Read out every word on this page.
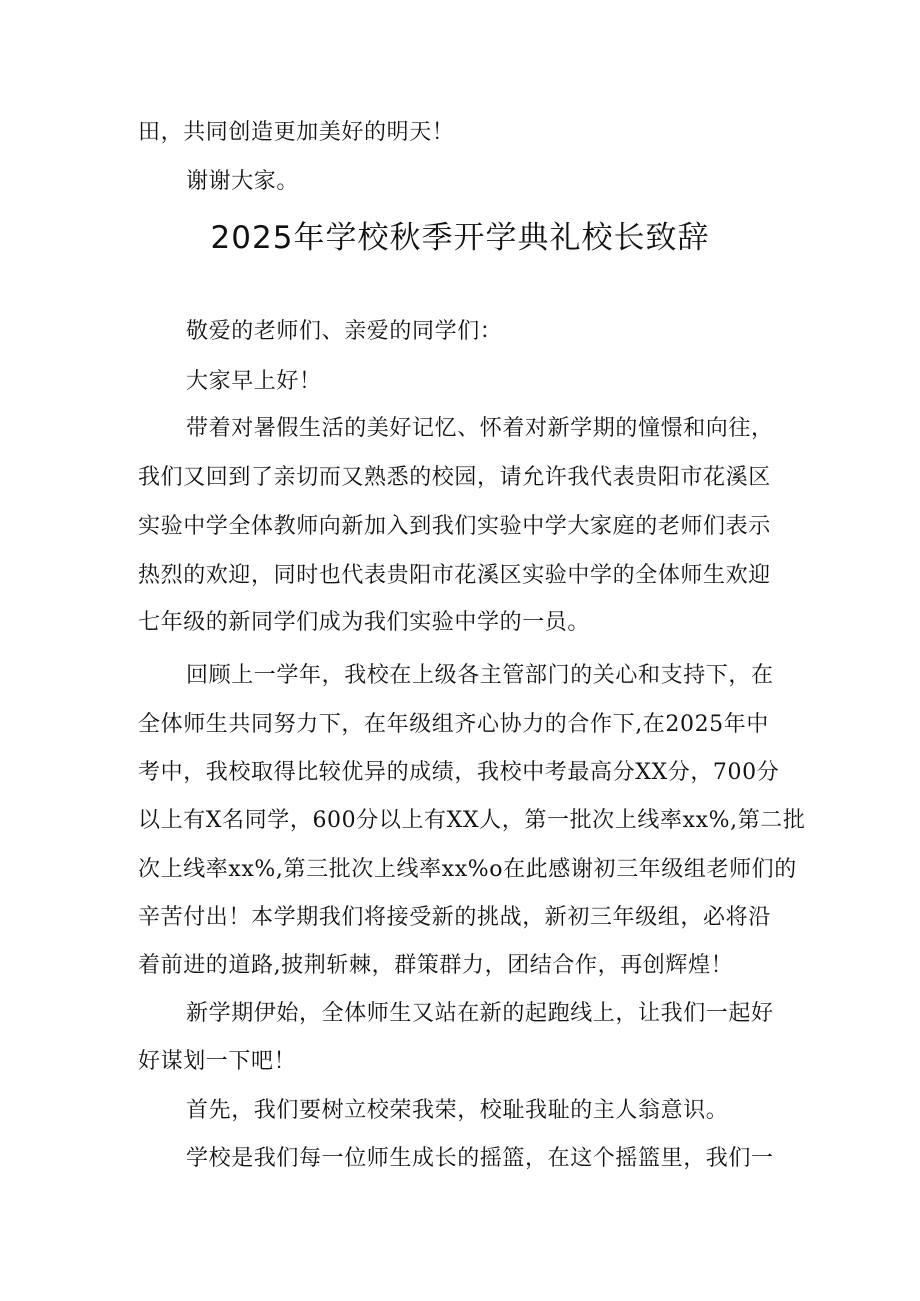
田，共同创造更加美好的明天！
谢谢大家。
2025年学校秋季开学典礼校长致辞
敬爱的老师们、亲爱的同学们：
大家早上好！
带着对暑假生活的美好记忆、怀着对新学期的憧憬和向往，
我们又回到了亲切而又熟悉的校园，请允许我代表贵阳市花溪区
实验中学全体教师向新加入到我们实验中学大家庭的老师们表示
热烈的欢迎，同时也代表贵阳市花溪区实验中学的全体师生欢迎
七年级的新同学们成为我们实验中学的一员。
回顾上一学年，我校在上级各主管部门的关心和支持下，在
全体师生共同努力下，在年级组齐心协力的合作下,在2025年中
考中，我校取得比较优异的成绩，我校中考最高分XX分，700分
以上有X名同学，600分以上有XX人，第一批次上线率xx%,第二批
次上线率xx%,第三批次上线率xx%o在此感谢初三年级组老师们的
辛苦付出！本学期我们将接受新的挑战，新初三年级组，必将沿
着前进的道路,披荆斩棘，群策群力，团结合作，再创辉煌！
新学期伊始，全体师生又站在新的起跑线上，让我们一起好
好谋划一下吧！
首先，我们要树立校荣我荣，校耻我耻的主人翁意识。
学校是我们每一位师生成长的摇篮，在这个摇篮里，我们一
